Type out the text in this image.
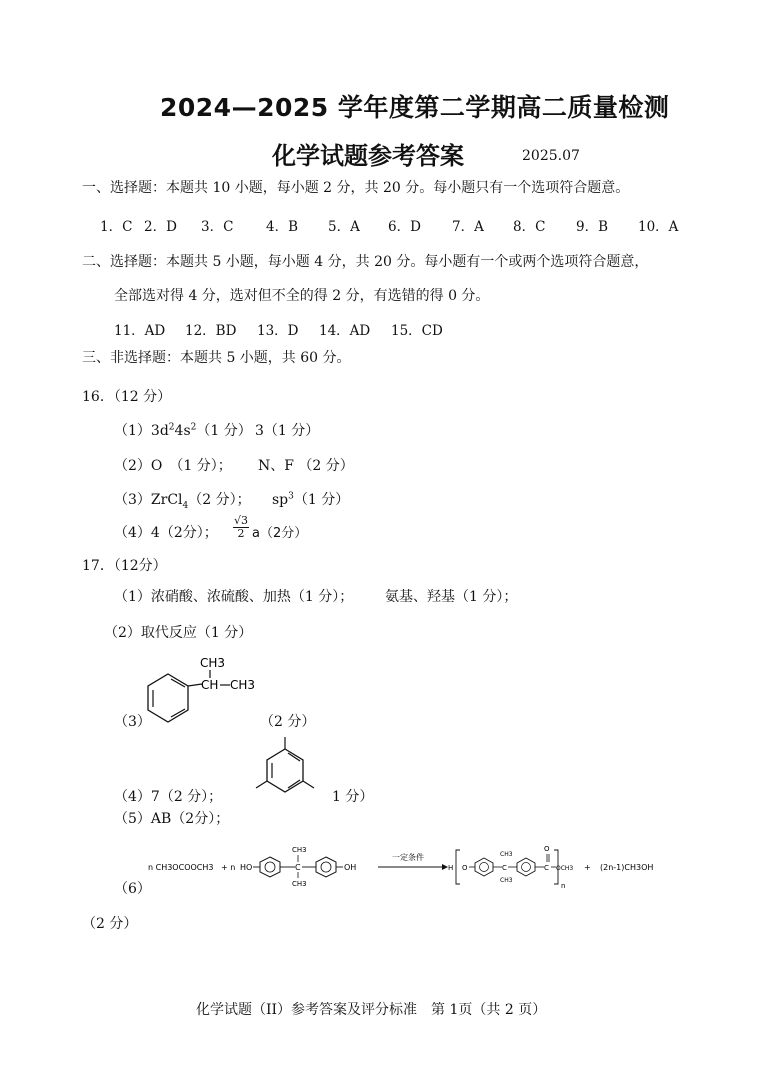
2024—2025 学年度第二学期高二质量检测
化学试题参考答案	2025.07
一、选择题：本题共 10 小题，每小题 2 分，共 20 分。每小题只有一个选项符合题意。
1．C 2．D 3．C 4．B 5．A 6．D 7．A 8．C 9．B 10．A
二、选择题：本题共 5 小题，每小题 4 分，共 20 分。每小题有一个或两个选项符合题意，
全部选对得 4 分，选对但不全的得 2 分，有选错的得 0 分。
11．AD 12．BD 13．D 14．AD 15．CD
三、非选择题：本题共 5 小题，共 60 分。
16．（12 分）
$(1)3d^24s^2(1$ 分） 3（1 分）
（2）O　（1 分）； N、F （2 分）
（3）ZrCl$_4$（2 分）； $sp^3(1$ 分）
（4）4（2分）； $\frac{√3}{2} a(2$分）
17．（12分）
（1）浓硝酸、浓硫酸、加热（1 分）； 氨基、羟基（1 分）；
（2）取代反应（1 分）
CH
CH3
CH3
（3）	（2 分）
（4）7（2 分）；	1 分）
（5）AB（2分）；
n CH3OCOOCH3 + n HO	C
CH3
CH3
OH
一定条件
H O	C
CH3
CH3
C
O
OCH3
n
+ (2n-1)CH3OH
（6）
（2 分）
化学试题（II）参考答案及评分标准　第 1页（共 2 页）
